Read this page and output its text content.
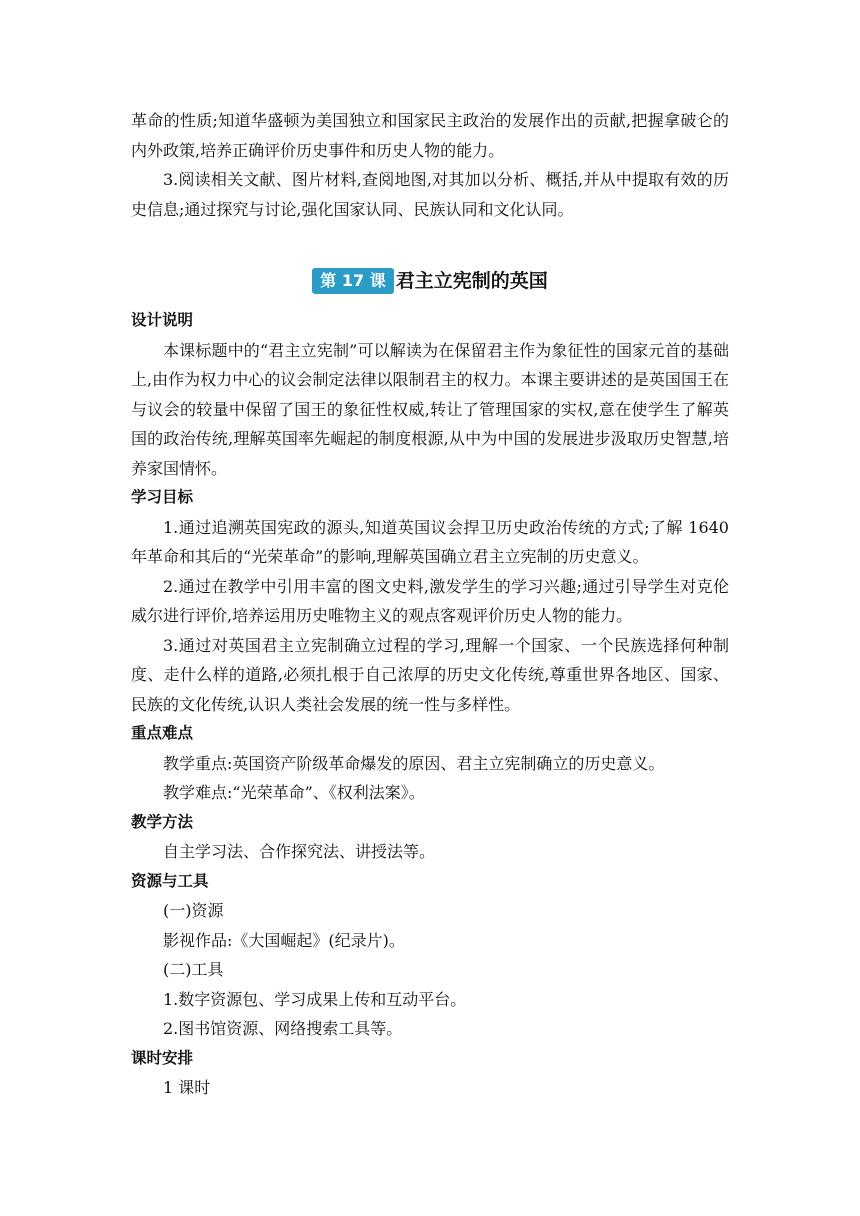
革命的性质;知道华盛顿为美国独立和国家民主政治的发展作出的贡献,把握拿破仑的内外政策,培养正确评价历史事件和历史人物的能力。

3.阅读相关文献、图片材料,查阅地图,对其加以分析、概括,并从中提取有效的历史信息;通过探究与讨论,强化国家认同、民族认同和文化认同。

第 17 课 君主立宪制的英国
设计说明

本课标题中的“君主立宪制”可以解读为在保留君主作为象征性的国家元首的基础上,由作为权力中心的议会制定法律以限制君主的权力。本课主要讲述的是英国国王在与议会的较量中保留了国王的象征性权威,转让了管理国家的实权,意在使学生了解英国的政治传统,理解英国率先崛起的制度根源,从中为中国的发展进步汲取历史智慧,培养家国情怀。

学习目标

1.通过追溯英国宪政的源头,知道英国议会捍卫历史政治传统的方式;了解 1640 年革命和其后的“光荣革命”的影响,理解英国确立君主立宪制的历史意义。

2.通过在教学中引用丰富的图文史料,激发学生的学习兴趣;通过引导学生对克伦威尔进行评价,培养运用历史唯物主义的观点客观评价历史人物的能力。

3.通过对英国君主立宪制确立过程的学习,理解一个国家、一个民族选择何种制度、走什么样的道路,必须扎根于自己浓厚的历史文化传统,尊重世界各地区、国家、民族的文化传统,认识人类社会发展的统一性与多样性。

重点难点

教学重点:英国资产阶级革命爆发的原因、君主立宪制确立的历史意义。

教学难点:“光荣革命”、《权利法案》。

教学方法

自主学习法、合作探究法、讲授法等。

资源与工具

(一)资源

影视作品:《大国崛起》(纪录片)。

(二)工具

1.数字资源包、学习成果上传和互动平台。

2.图书馆资源、网络搜索工具等。

课时安排

1 课时
